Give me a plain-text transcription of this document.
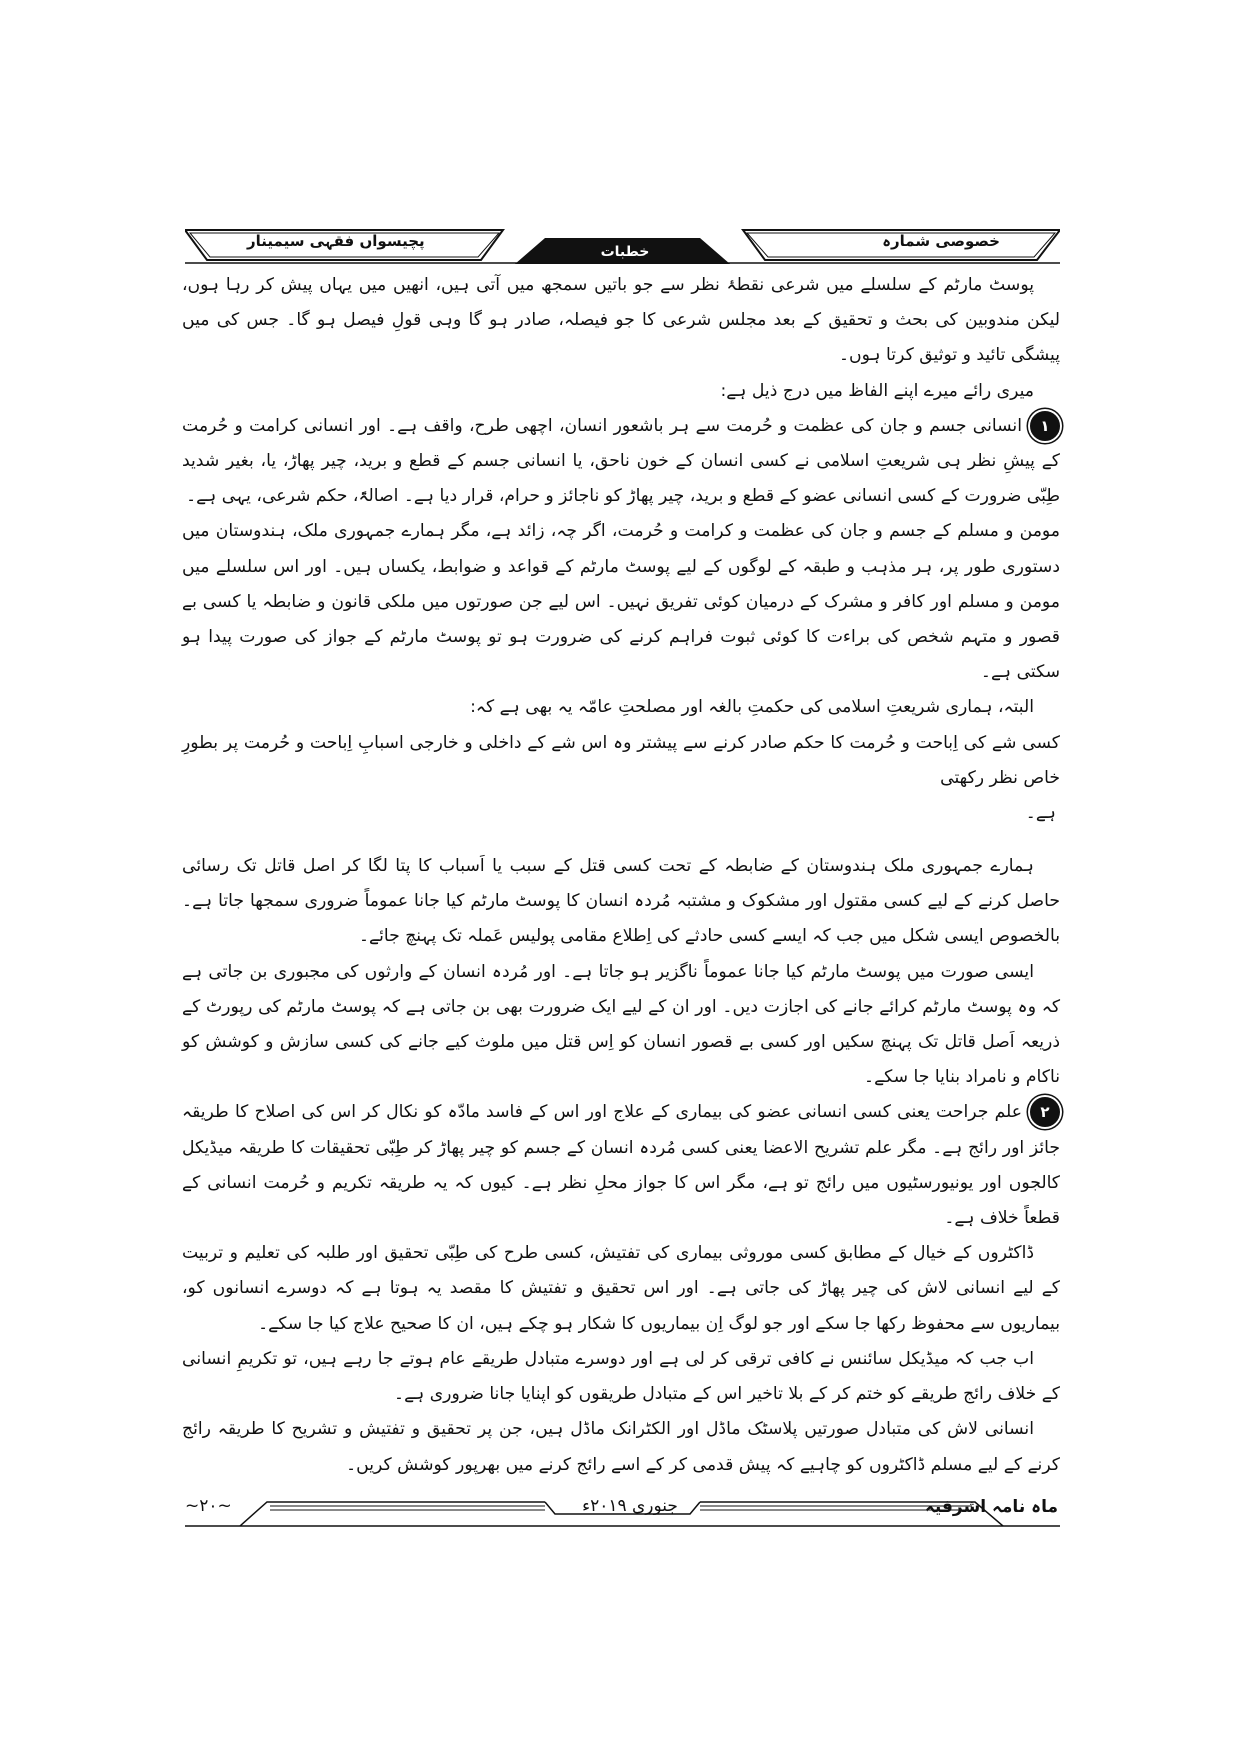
خصوصی شمارہ
خطبات
پچیسواں فقہی سیمینار

پوسٹ مارٹم کے سلسلے میں شرعی نقطۂ نظر سے جو باتیں سمجھ میں آتی ہیں، انھیں میں یہاں پیش کر رہا ہوں، لیکن مندوبین کی بحث و تحقیق کے بعد مجلس شرعی کا جو فیصلہ، صادر ہو گا وہی قولِ فیصل ہو گا۔ جس کی میں پیشگی تائید و توثیق کرتا ہوں۔

میری رائے میرے اپنے الفاظ میں درج ذیل ہے:

۱انسانی جسم و جان کی عظمت و حُرمت سے ہر باشعور انسان، اچھی طرح، واقف ہے۔ اور انسانی کرامت و حُرمت کے پیشِ نظر ہی شریعتِ اسلامی نے کسی انسان کے خون ناحق، یا انسانی جسم کے قطع و برید، چیر پھاڑ، یا، بغیر شدید طِبّی ضرورت کے کسی انسانی عضو کے قطع و برید، چیر پھاڑ کو ناجائز و حرام، قرار دیا ہے۔ اصالۃً، حکم شرعی، یہی ہے۔

مومن و مسلم کے جسم و جان کی عظمت و کرامت و حُرمت، اگر چہ، زائد ہے، مگر ہمارے جمہوری ملک، ہندوستان میں دستوری طور پر، ہر مذہب و طبقہ کے لوگوں کے لیے پوسٹ مارٹم کے قواعد و ضوابط، یکساں ہیں۔ اور اس سلسلے میں مومن و مسلم اور کافر و مشرک کے درمیان کوئی تفریق نہیں۔ اس لیے جن صورتوں میں ملکی قانون و ضابطہ یا کسی بے قصور و متہم شخص کی براءت کا کوئی ثبوت فراہم کرنے کی ضرورت ہو تو پوسٹ مارٹم کے جواز کی صورت پیدا ہو سکتی ہے۔

البتہ، ہماری شریعتِ اسلامی کی حکمتِ بالغہ اور مصلحتِ عامّہ یہ بھی ہے کہ:

کسی شے کی اِباحت و حُرمت کا حکم صادر کرنے سے پیشتر وہ اس شے کے داخلی و خارجی اسبابِ اِباحت و حُرمت پر بطورِ خاص نظر رکھتی

ہے۔

ہمارے جمہوری ملک ہندوستان کے ضابطہ کے تحت کسی قتل کے سبب یا اَسباب کا پتا لگا کر اصل قاتل تک رسائی حاصل کرنے کے لیے کسی مقتول اور مشکوک و مشتبہ مُردہ انسان کا پوسٹ مارٹم کیا جانا عموماً ضروری سمجھا جاتا ہے۔ بالخصوص ایسی شکل میں جب کہ ایسے کسی حادثے کی اِطلاع مقامی پولیس عَملہ تک پہنچ جائے۔

ایسی صورت میں پوسٹ مارٹم کیا جانا عموماً ناگزیر ہو جاتا ہے۔ اور مُردہ انسان کے وارثوں کی مجبوری بن جاتی ہے کہ وہ پوسٹ مارٹم کرائے جانے کی اجازت دیں۔ اور ان کے لیے ایک ضرورت بھی بن جاتی ہے کہ پوسٹ مارٹم کی رپورٹ کے ذریعہ اَصل قاتل تک پہنچ سکیں اور کسی بے قصور انسان کو اِس قتل میں ملوث کیے جانے کی کسی سازش و کوشش کو ناکام و نامراد بنایا جا سکے۔

۲علم جراحت یعنی کسی انسانی عضو کی بیماری کے علاج اور اس کے فاسد مادّہ کو نکال کر اس کی اصلاح کا طریقہ جائز اور رائج ہے۔ مگر علم تشریح الاعضا یعنی کسی مُردہ انسان کے جسم کو چیر پھاڑ کر طِبّی تحقیقات کا طریقہ میڈیکل کالجوں اور یونیورسٹیوں میں رائج تو ہے، مگر اس کا جواز محلِ نظر ہے۔ کیوں کہ یہ طریقہ تکریم و حُرمت انسانی کے قطعاً خلاف ہے۔

ڈاکٹروں کے خیال کے مطابق کسی موروثی بیماری کی تفتیش، کسی طرح کی طِبّی تحقیق اور طلبہ کی تعلیم و تربیت کے لیے انسانی لاش کی چیر پھاڑ کی جاتی ہے۔ اور اس تحقیق و تفتیش کا مقصد یہ ہوتا ہے کہ دوسرے انسانوں کو، بیماریوں سے محفوظ رکھا جا سکے اور جو لوگ اِن بیماریوں کا شکار ہو چکے ہیں، ان کا صحیح علاج کیا جا سکے۔

اب جب کہ میڈیکل سائنس نے کافی ترقی کر لی ہے اور دوسرے متبادل طریقے عام ہوتے جا رہے ہیں، تو تکریمِ انسانی کے خلاف رائج طریقے کو ختم کر کے بلا تاخیر اس کے متبادل طریقوں کو اپنایا جانا ضروری ہے۔

انسانی لاش کی متبادل صورتیں پلاسٹک ماڈل اور الکٹرانک ماڈل ہیں، جن پر تحقیق و تفتیش و تشریح کا طریقہ رائج کرنے کے لیے مسلم ڈاکٹروں کو چاہیے کہ پیش قدمی کر کے اسے رائج کرنے میں بھرپور کوشش کریں۔

ماہ نامہ اشرفیہ
جنوری ۲۰۱۹ء
~۲۰~
